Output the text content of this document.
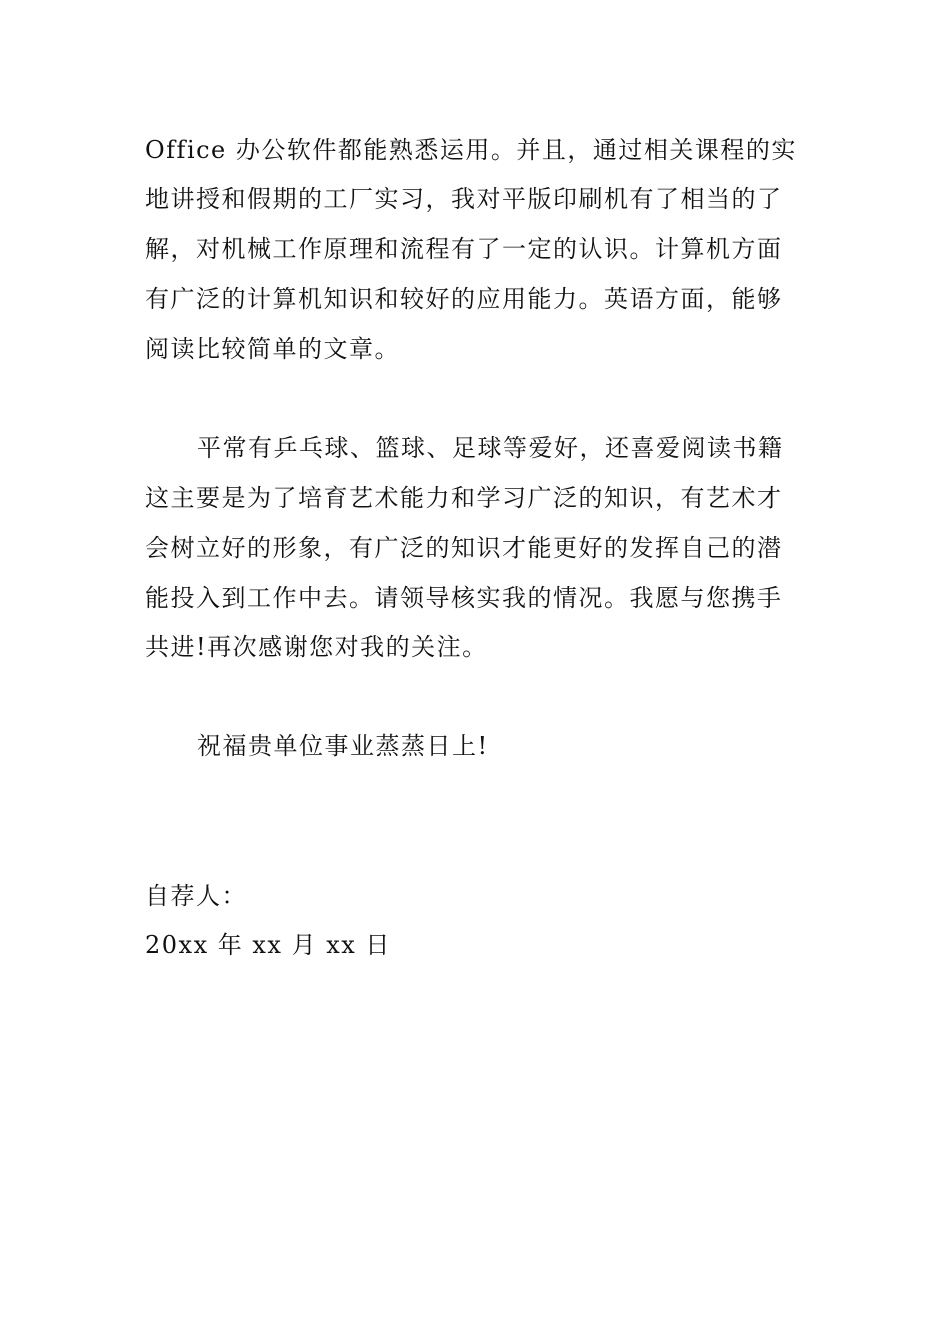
Office 办公软件都能熟悉运用。并且，通过相关课程的实
地讲授和假期的工厂实习，我对平版印刷机有了相当的了
解，对机械工作原理和流程有了一定的认识。计算机方面
有广泛的计算机知识和较好的应用能力。英语方面，能够
阅读比较简单的文章。
平常有乒乓球、篮球、足球等爱好，还喜爱阅读书籍
这主要是为了培育艺术能力和学习广泛的知识，有艺术才
会树立好的形象，有广泛的知识才能更好的发挥自己的潜
能投入到工作中去。请领导核实我的情况。我愿与您携手
共进!再次感谢您对我的关注。
祝福贵单位事业蒸蒸日上!
自荐人：
20xx 年 xx 月 xx 日
